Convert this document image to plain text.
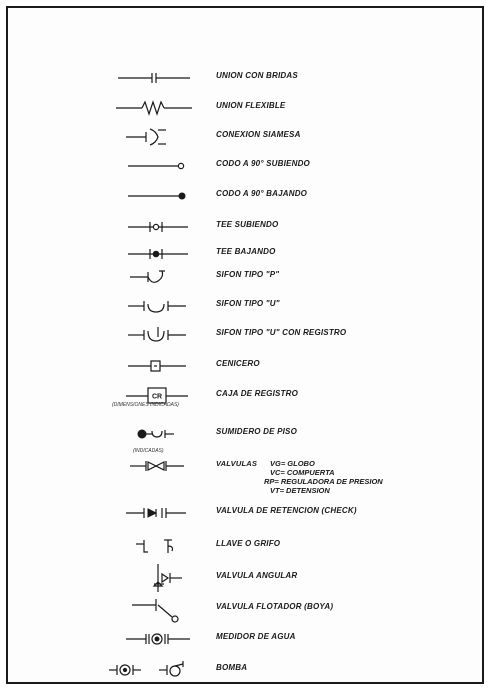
UNION CON BRIDAS
UNION FLEXIBLE
CONEXION SIAMESA
CODO A 90° SUBIENDO
CODO A 90° BAJANDO
TEE SUBIENDO
TEE BAJANDO
SIFON TIPO "P"
SIFON TIPO "U"
SIFON TIPO "U" CON REGISTRO
CENICERO
CR
(DIMENSIONES INDICADAS)
CAJA DE REGISTRO
SUMIDERO DE PISO
(INDICADAS)
VALVULAS VG= GLOBO
VC= COMPUERTA
RP= REGULADORA DE PRESION
VT= DETENSION
VALVULA DE RETENCION (CHECK)
LLAVE O GRIFO
VALVULA ANGULAR
VALVULA FLOTADOR (BOYA)
MEDIDOR DE AGUA
BOMBA
